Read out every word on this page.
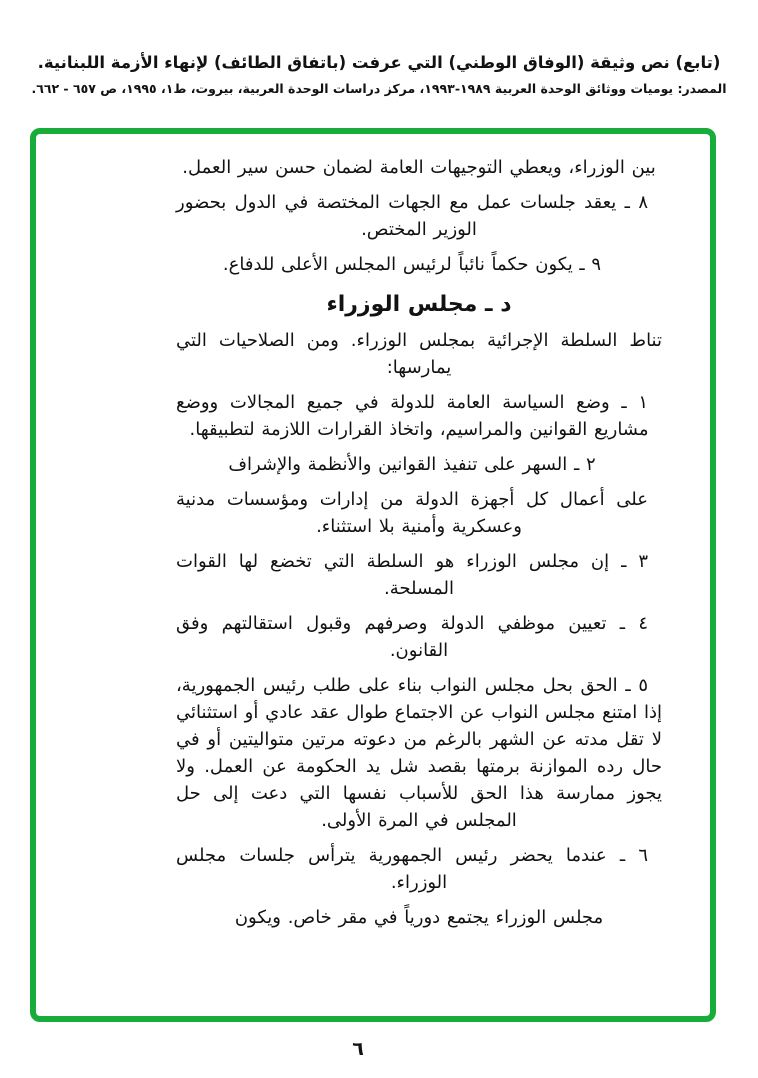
(تابع) نص وثيقة (الوفاق الوطني) التي عرفت (باتفاق الطائف) لإنهاء الأزمة اللبنانية.
المصدر: يوميات ووثائق الوحدة العربية ١٩٨٩-١٩٩٣، مركز دراسات الوحدة العربية، بيروت، ط١، ١٩٩٥، ص ٦٥٧ - ٦٦٢.

بين الوزراء، ويعطي التوجيهات العامة لضمان حسن سير العمل.

٨ ـ يعقد جلسات عمل مع الجهات المختصة في الدول بحضور الوزير المختص.

٩ ـ يكون حكماً نائباً لرئيس المجلس الأعلى للدفاع.

د ـ مجلس الوزراء

تناط السلطة الإجرائية بمجلس الوزراء. ومن الصلاحيات التي يمارسها:

١ ـ وضع السياسة العامة للدولة في جميع المجالات ووضع مشاريع القوانين والمراسيم، واتخاذ القرارات اللازمة لتطبيقها.

٢ ـ السهر على تنفيذ القوانين والأنظمة والإشراف

على أعمال كل أجهزة الدولة من إدارات ومؤسسات مدنية وعسكرية وأمنية بلا استثناء.

٣ ـ إن مجلس الوزراء هو السلطة التي تخضع لها القوات المسلحة.

٤ ـ تعيين موظفي الدولة وصرفهم وقبول استقالتهم وفق القانون.

٥ ـ الحق بحل مجلس النواب بناء على طلب رئيس الجمهورية، إذا امتنع مجلس النواب عن الاجتماع طوال عقد عادي أو استثنائي لا تقل مدته عن الشهر بالرغم من دعوته مرتين متواليتين أو في حال رده الموازنة برمتها بقصد شل يد الحكومة عن العمل. ولا يجوز ممارسة هذا الحق للأسباب نفسها التي دعت إلى حل المجلس في المرة الأولى.

٦ ـ عندما يحضر رئيس الجمهورية يترأس جلسات مجلس الوزراء.

مجلس الوزراء يجتمع دورياً في مقر خاص. ويكون

٦
